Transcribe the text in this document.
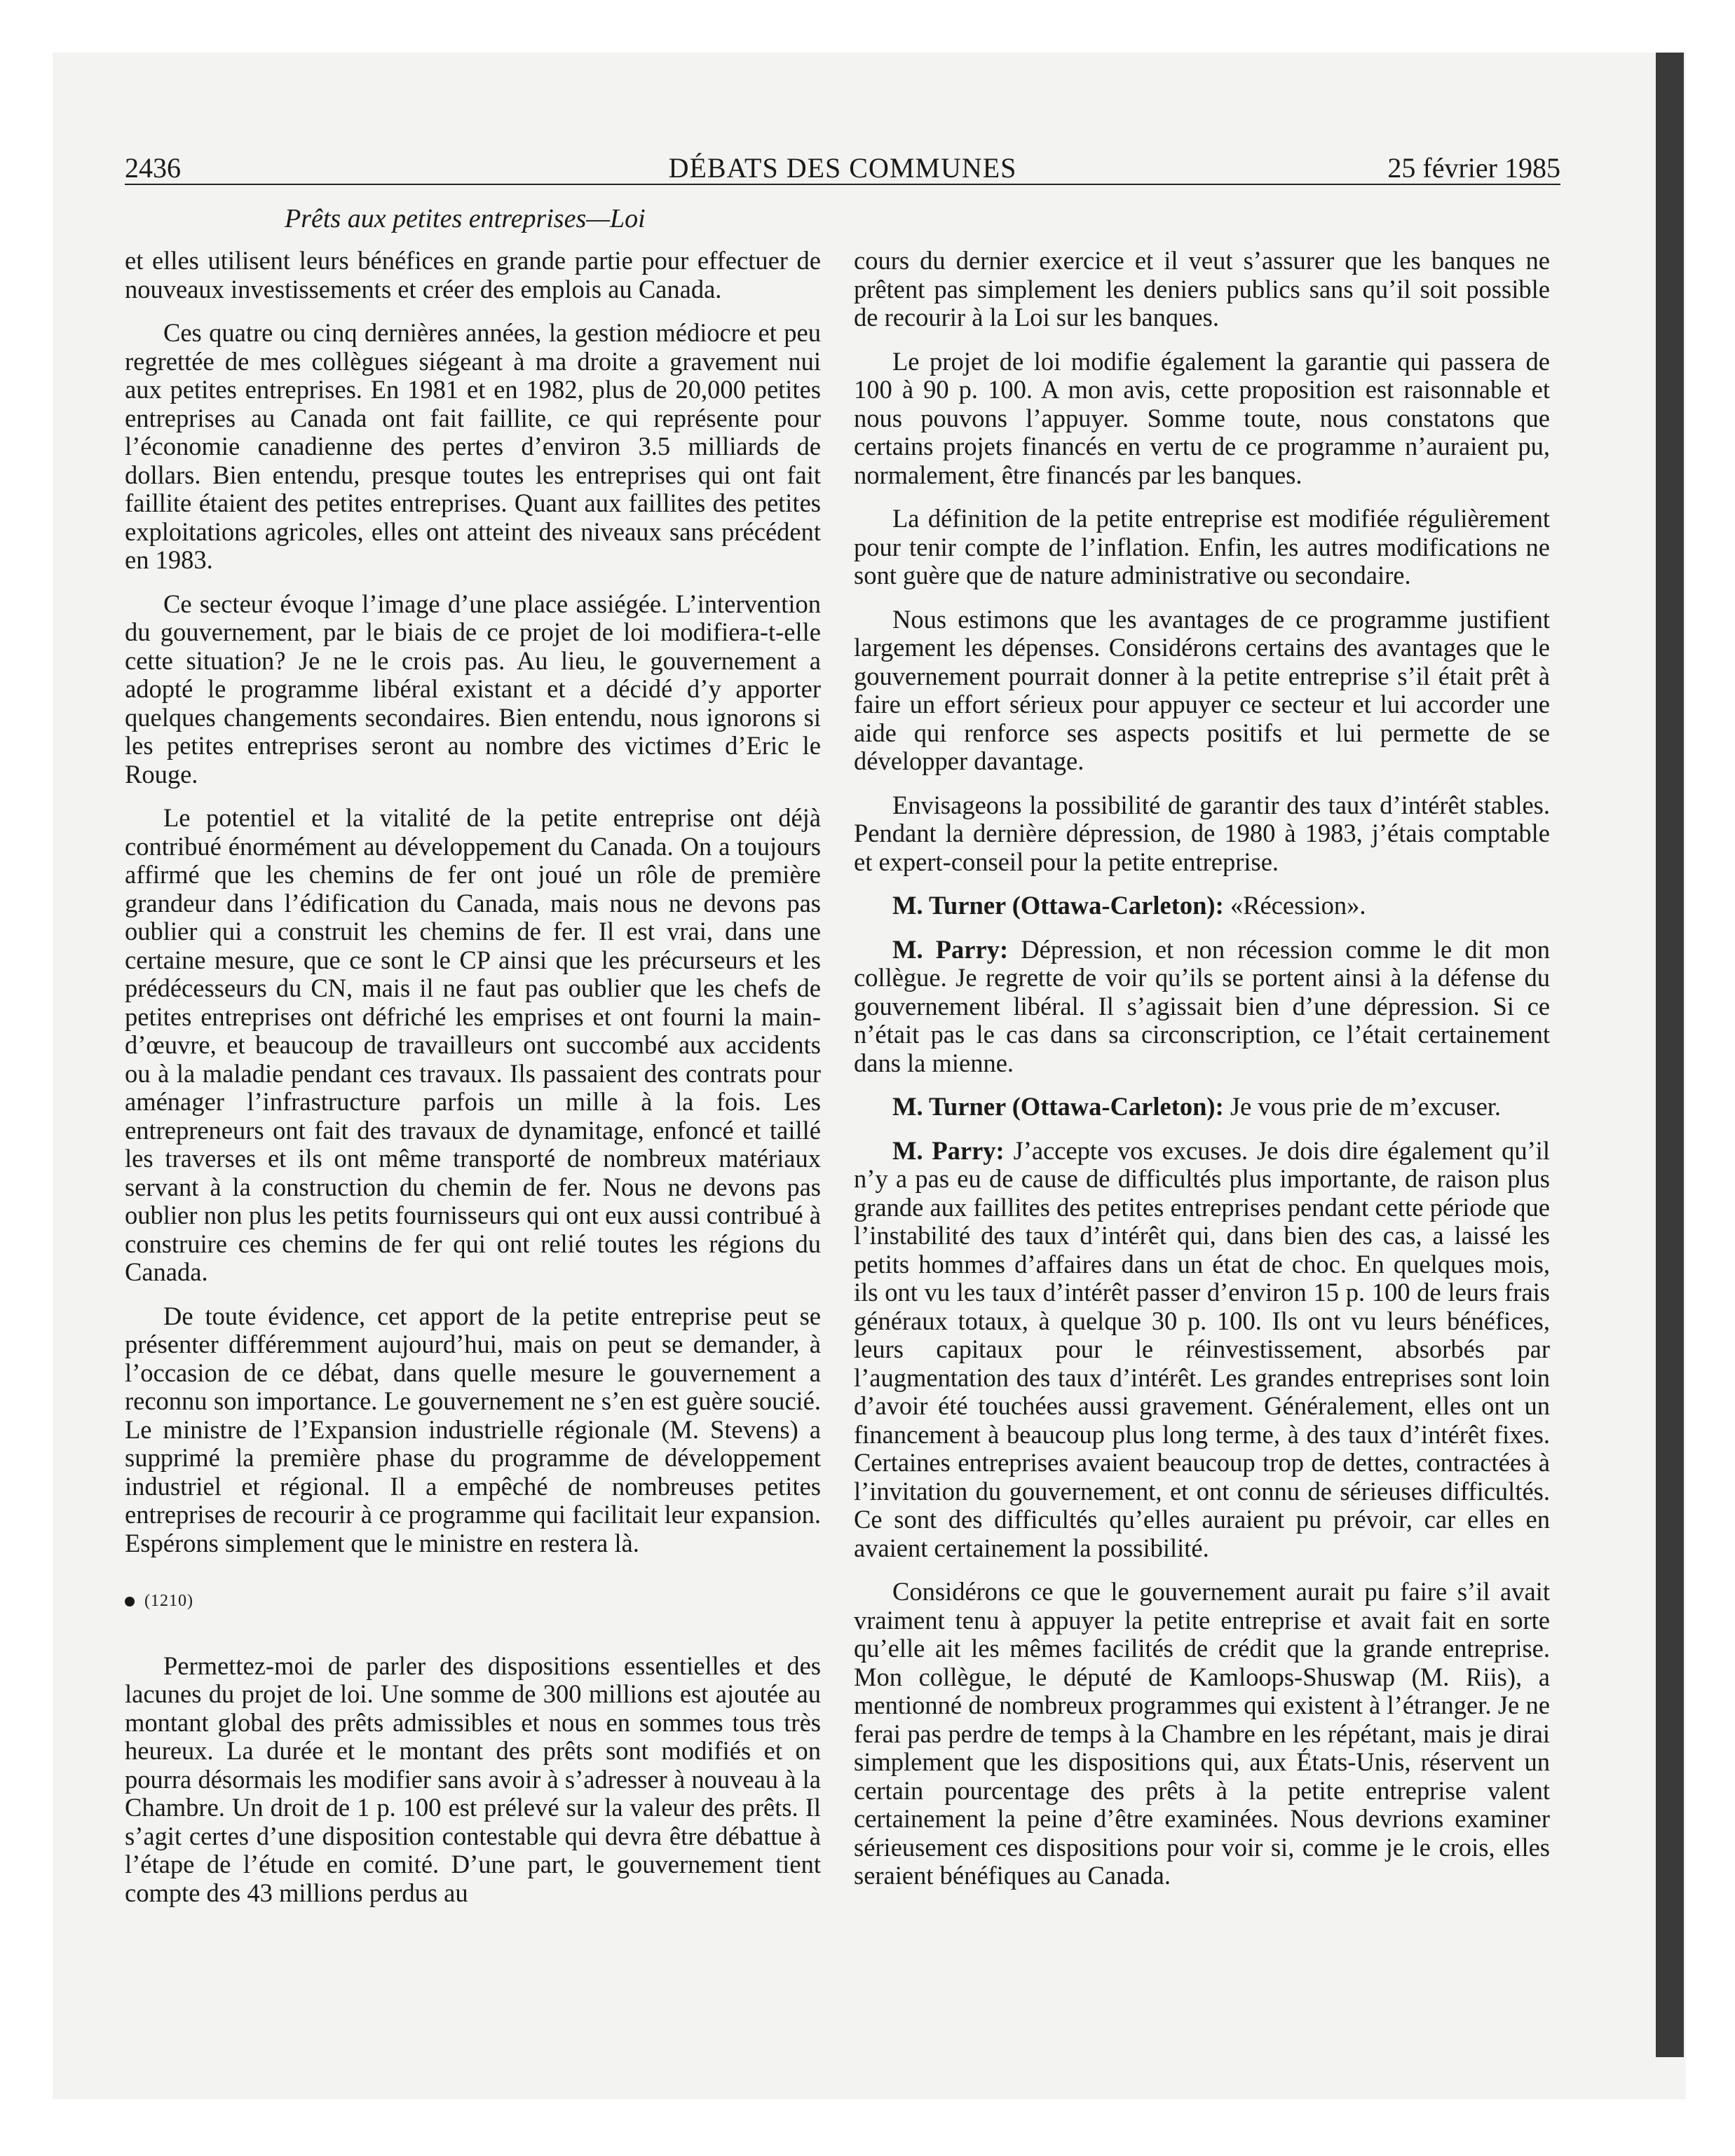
2436	DÉBATS DES COMMUNES	25 février 1985
Prêts aux petites entreprises—Loi

et elles utilisent leurs bénéfices en grande partie pour effectuer de nouveaux investissements et créer des emplois au Canada.

Ces quatre ou cinq dernières années, la gestion médiocre et peu regrettée de mes collègues siégeant à ma droite a gravement nui aux petites entreprises. En 1981 et en 1982, plus de 20,000 petites entreprises au Canada ont fait faillite, ce qui représente pour l’économie canadienne des pertes d’environ 3.5 milliards de dollars. Bien entendu, presque toutes les entreprises qui ont fait faillite étaient des petites entreprises. Quant aux faillites des petites exploitations agricoles, elles ont atteint des niveaux sans précédent en 1983.

Ce secteur évoque l’image d’une place assiégée. L’intervention du gouvernement, par le biais de ce projet de loi modifiera-t-elle cette situation? Je ne le crois pas. Au lieu, le gouvernement a adopté le programme libéral existant et a décidé d’y apporter quelques changements secondaires. Bien entendu, nous ignorons si les petites entreprises seront au nombre des victimes d’Eric le Rouge.

Le potentiel et la vitalité de la petite entreprise ont déjà contribué énormément au développement du Canada. On a toujours affirmé que les chemins de fer ont joué un rôle de première grandeur dans l’édification du Canada, mais nous ne devons pas oublier qui a construit les chemins de fer. Il est vrai, dans une certaine mesure, que ce sont le CP ainsi que les précurseurs et les prédécesseurs du CN, mais il ne faut pas oublier que les chefs de petites entreprises ont défriché les emprises et ont fourni la main-d’œuvre, et beaucoup de travailleurs ont succombé aux accidents ou à la maladie pendant ces travaux. Ils passaient des contrats pour aménager l’infrastructure parfois un mille à la fois. Les entrepreneurs ont fait des travaux de dynamitage, enfoncé et taillé les traverses et ils ont même transporté de nombreux matériaux servant à la construction du chemin de fer. Nous ne devons pas oublier non plus les petits fournisseurs qui ont eux aussi contribué à construire ces chemins de fer qui ont relié toutes les régions du Canada.

De toute évidence, cet apport de la petite entreprise peut se présenter différemment aujourd’hui, mais on peut se demander, à l’occasion de ce débat, dans quelle mesure le gouvernement a reconnu son importance. Le gouvernement ne s’en est guère soucié. Le ministre de l’Expansion industrielle régionale (M. Stevens) a supprimé la première phase du programme de développement industriel et régional. Il a empêché de nombreuses petites entreprises de recourir à ce programme qui facilitait leur expansion. Espérons simplement que le ministre en restera là.

(1210)

Permettez-moi de parler des dispositions essentielles et des lacunes du projet de loi. Une somme de 300 millions est ajoutée au montant global des prêts admissibles et nous en sommes tous très heureux. La durée et le montant des prêts sont modifiés et on pourra désormais les modifier sans avoir à s’adresser à nouveau à la Chambre. Un droit de 1 p. 100 est prélevé sur la valeur des prêts. Il s’agit certes d’une disposition contestable qui devra être débattue à l’étape de l’étude en comité. D’une part, le gouvernement tient compte des 43 millions perdus au

cours du dernier exercice et il veut s’assurer que les banques ne prêtent pas simplement les deniers publics sans qu’il soit possible de recourir à la Loi sur les banques.

Le projet de loi modifie également la garantie qui passera de 100 à 90 p. 100. A mon avis, cette proposition est raisonnable et nous pouvons l’appuyer. Somme toute, nous constatons que certains projets financés en vertu de ce programme n’auraient pu, normalement, être financés par les banques.

La définition de la petite entreprise est modifiée régulièrement pour tenir compte de l’inflation. Enfin, les autres modifications ne sont guère que de nature administrative ou secondaire.

Nous estimons que les avantages de ce programme justifient largement les dépenses. Considérons certains des avantages que le gouvernement pourrait donner à la petite entreprise s’il était prêt à faire un effort sérieux pour appuyer ce secteur et lui accorder une aide qui renforce ses aspects positifs et lui permette de se développer davantage.

Envisageons la possibilité de garantir des taux d’intérêt stables. Pendant la dernière dépression, de 1980 à 1983, j’étais comptable et expert-conseil pour la petite entreprise.

M. Turner (Ottawa-Carleton): «Récession».

M. Parry: Dépression, et non récession comme le dit mon collègue. Je regrette de voir qu’ils se portent ainsi à la défense du gouvernement libéral. Il s’agissait bien d’une dépression. Si ce n’était pas le cas dans sa circonscription, ce l’était certainement dans la mienne.

M. Turner (Ottawa-Carleton): Je vous prie de m’excuser.

M. Parry: J’accepte vos excuses. Je dois dire également qu’il n’y a pas eu de cause de difficultés plus importante, de raison plus grande aux faillites des petites entreprises pendant cette période que l’instabilité des taux d’intérêt qui, dans bien des cas, a laissé les petits hommes d’affaires dans un état de choc. En quelques mois, ils ont vu les taux d’intérêt passer d’environ 15 p. 100 de leurs frais généraux totaux, à quelque 30 p. 100. Ils ont vu leurs bénéfices, leurs capitaux pour le réinvestissement, absorbés par l’augmentation des taux d’intérêt. Les grandes entreprises sont loin d’avoir été touchées aussi gravement. Généralement, elles ont un financement à beaucoup plus long terme, à des taux d’intérêt fixes. Certaines entreprises avaient beaucoup trop de dettes, contractées à l’invitation du gouvernement, et ont connu de sérieuses difficultés. Ce sont des difficultés qu’elles auraient pu prévoir, car elles en avaient certainement la possibilité.

Considérons ce que le gouvernement aurait pu faire s’il avait vraiment tenu à appuyer la petite entreprise et avait fait en sorte qu’elle ait les mêmes facilités de crédit que la grande entreprise. Mon collègue, le député de Kamloops-Shuswap (M. Riis), a mentionné de nombreux programmes qui existent à l’étranger. Je ne ferai pas perdre de temps à la Chambre en les répétant, mais je dirai simplement que les dispositions qui, aux États-Unis, réservent un certain pourcentage des prêts à la petite entreprise valent certainement la peine d’être examinées. Nous devrions examiner sérieusement ces dispositions pour voir si, comme je le crois, elles seraient bénéfiques au Canada.
